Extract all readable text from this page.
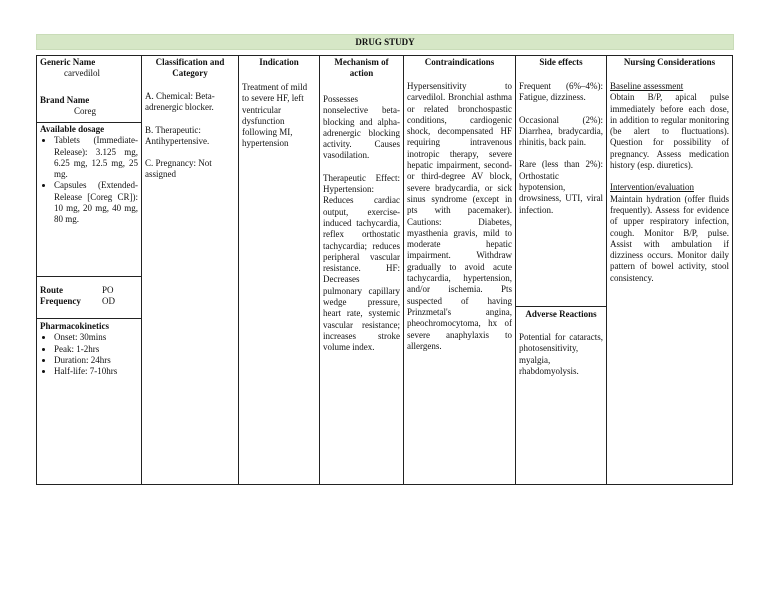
DRUG STUDY

Generic Name

carvedilol

Brand Name

Coreg

Available dosage

• Tablets (Immediate-Release): 3.125 mg, 6.25 mg, 12.5 mg, 25 mg.
• Capsules (Extended-Release [Coreg CR]): 10 mg, 20 mg, 40 mg, 80 mg.
Route	PO
Frequency	OD

Pharmacokinetics

• Onset: 30mins
• Peak: 1-2hrs
• Duration: 24hrs
• Half-life: 7-10hrs
Classification and Category

A. Chemical: Beta-adrenergic blocker.

B. Therapeutic: Antihypertensive.

C. Pregnancy: Not assigned

Indication

Treatment of mild to severe HF, left ventricular dysfunction following MI, hypertension

Mechanism of action

Possesses nonselective beta-blocking and alpha-adrenergic blocking activity. Causes vasodilation.

Therapeutic Effect: Hypertension: Reduces cardiac output, exercise-induced tachycardia, reflex orthostatic tachycardia; reduces peripheral vascular resistance. HF: Decreases pulmonary capillary wedge pressure, heart rate, systemic vascular resistance; increases stroke volume index.

Contraindications

Hypersensitivity to carvedilol. Bronchial asthma or related bronchospastic conditions, cardiogenic shock, decompensated HF requiring intravenous inotropic therapy, severe hepatic impairment, second- or third-degree AV block, severe bradycardia, or sick sinus syndrome (except in pts with pacemaker). Cautions: Diabetes, myasthenia gravis, mild to moderate hepatic impairment. Withdraw gradually to avoid acute tachycardia, hypertension, and/or ischemia. Pts suspected of having Prinzmetal's angina, pheochromocytoma, hx of severe anaphylaxis to allergens.

Side effects

Frequent (6%–4%): Fatigue, dizziness.

Occasional (2%): Diarrhea, bradycardia, rhinitis, back pain.

Rare (less than 2%): Orthostatic hypotension, drowsiness, UTI, viral infection.

Adverse Reactions

Potential for cataracts, photosensitivity, myalgia, rhabdomyolysis.

Nursing Considerations

Baseline assessment

Obtain B/P, apical pulse immediately before each dose, in addition to regular monitoring (be alert to fluctuations). Question for possibility of pregnancy. Assess medication history (esp. diuretics).

Intervention/evaluation

Maintain hydration (offer fluids frequently). Assess for evidence of upper respiratory infection, cough. Monitor B/P, pulse. Assist with ambulation if dizziness occurs. Monitor daily pattern of bowel activity, stool consistency.
